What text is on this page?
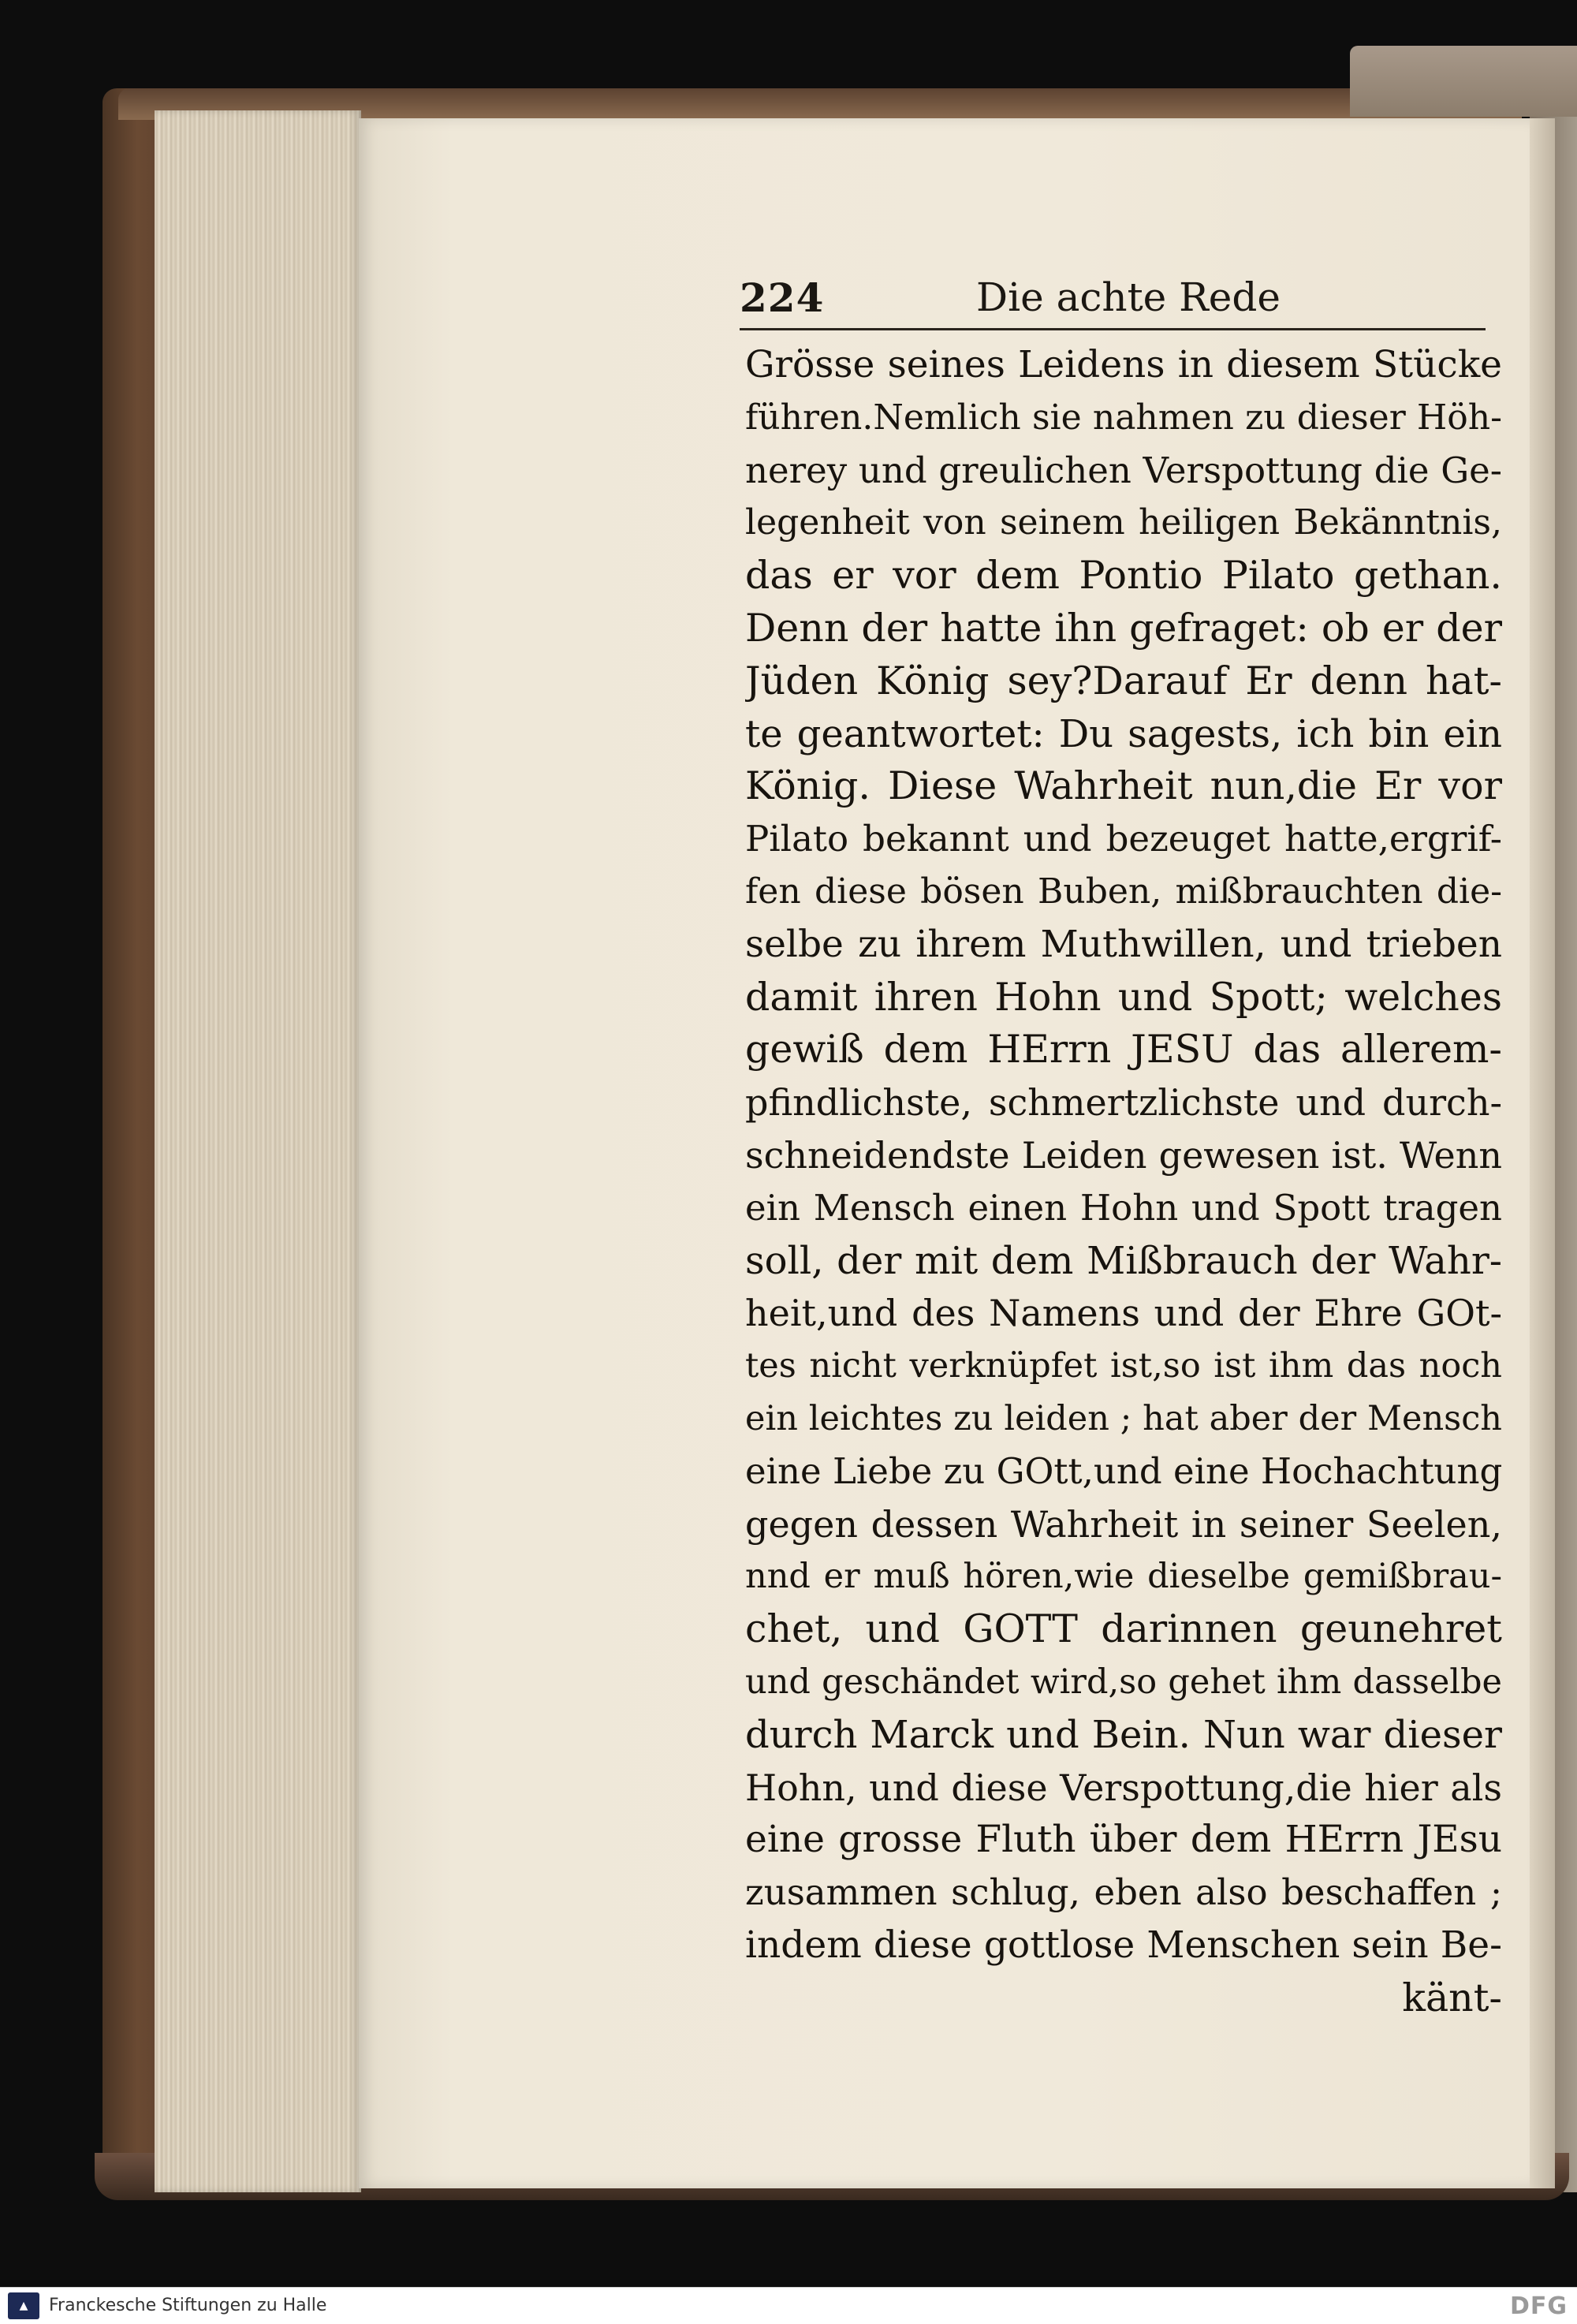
224	Die achte Rede
Grösse seines Leidens in diesem Stücke
führen.Nemlich sie nahmen zu dieser Höh-
nerey und greulichen Verspottung die Ge-
legenheit von seinem heiligen Bekänntnis,
das er vor dem Pontio Pilato gethan.
Denn der hatte ihn gefraget: ob er der
Jüden König sey?Darauf Er denn hat-
te geantwortet: Du sagests, ich bin ein
König. Diese Wahrheit nun,die Er vor
Pilato bekannt und bezeuget hatte,ergrif-
fen diese bösen Buben, mißbrauchten die-
selbe zu ihrem Muthwillen, und trieben
damit ihren Hohn und Spott; welches
gewiß dem HErrn JESU das allerem-
pfindlichste, schmertzlichste und durch-
schneidendste Leiden gewesen ist. Wenn
ein Mensch einen Hohn und Spott tragen
soll, der mit dem Mißbrauch der Wahr-
heit,und des Namens und der Ehre GOt-
tes nicht verknüpfet ist,so ist ihm das noch
ein leichtes zu leiden ; hat aber der Mensch
eine Liebe zu GOtt,und eine Hochachtung
gegen dessen Wahrheit in seiner Seelen,
nnd er muß hören,wie dieselbe gemißbrau-
chet, und GOTT darinnen geunehret
und geschändet wird,so gehet ihm dasselbe
durch Marck und Bein. Nun war dieser
Hohn, und diese Verspottung,die hier als
eine grosse Fluth über dem HErrn JEsu
zusammen schlug, eben also beschaffen ;
indem diese gottlose Menschen sein Be-
känt-
▲	Franckesche Stiftungen zu Halle	DFG
